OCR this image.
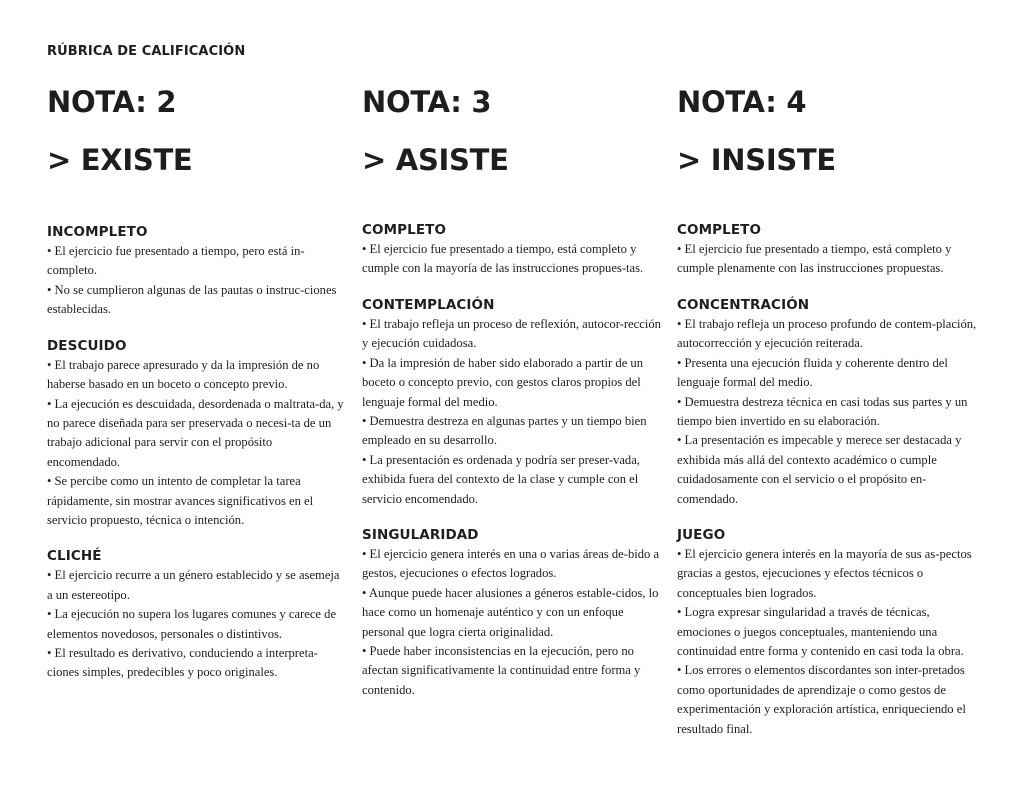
RÚBRICA DE CALIFICACIÓN
NOTA: 2
> EXISTE
INCOMPLETO

• El ejercicio fue presentado a tiempo, pero está in-completo.

• No se cumplieron algunas de las pautas o instruc-ciones establecidas.

DESCUIDO

• El trabajo parece apresurado y da la impresión de no haberse basado en un boceto o concepto previo.

• La ejecución es descuidada, desordenada o maltrata-da, y no parece diseñada para ser preservada o necesi-ta de un trabajo adicional para servir con el propósito encomendado.

• Se percibe como un intento de completar la tarea rápidamente, sin mostrar avances significativos en el servicio propuesto, técnica o intención.

CLICHÉ

• El ejercicio recurre a un género establecido y se asemeja a un estereotipo.

• La ejecución no supera los lugares comunes y carece de elementos novedosos, personales o distintivos.

• El resultado es derivativo, conduciendo a interpreta-ciones simples, predecibles y poco originales.

NOTA: 3
> ASISTE
COMPLETO

• El ejercicio fue presentado a tiempo, está completo y cumple con la mayoría de las instrucciones propues-tas.

CONTEMPLACIÓN

• El trabajo refleja un proceso de reflexión, autocor-rección y ejecución cuidadosa.

• Da la impresión de haber sido elaborado a partir de un boceto o concepto previo, con gestos claros propios del lenguaje formal del medio.

• Demuestra destreza en algunas partes y un tiempo bien empleado en su desarrollo.

• La presentación es ordenada y podría ser preser-vada, exhibida fuera del contexto de la clase y cumple con el servicio encomendado.

SINGULARIDAD

• El ejercicio genera interés en una o varias áreas de-bido a gestos, ejecuciones o efectos logrados.

• Aunque puede hacer alusiones a géneros estable-cidos, lo hace como un homenaje auténtico y con un enfoque personal que logra cierta originalidad.

• Puede haber inconsistencias en la ejecución, pero no afectan significativamente la continuidad entre forma y contenido.

NOTA: 4
> INSISTE
COMPLETO

• El ejercicio fue presentado a tiempo, está completo y cumple plenamente con las instrucciones propuestas.

CONCENTRACIÓN

• El trabajo refleja un proceso profundo de contem-plación, autocorrección y ejecución reiterada.

• Presenta una ejecución fluida y coherente dentro del lenguaje formal del medio.

• Demuestra destreza técnica en casi todas sus partes y un tiempo bien invertido en su elaboración.

• La presentación es impecable y merece ser destacada y exhibida más allá del contexto académico o cumple cuidadosamente con el servicio o el propósito en-comendado.

JUEGO

• El ejercicio genera interés en la mayoría de sus as-pectos gracias a gestos, ejecuciones y efectos técnicos o conceptuales bien logrados.

• Logra expresar singularidad a través de técnicas, emociones o juegos conceptuales, manteniendo una continuidad entre forma y contenido en casi toda la obra.

• Los errores o elementos discordantes son inter-pretados como oportunidades de aprendizaje o como gestos de experimentación y exploración artística, enriqueciendo el resultado final.
